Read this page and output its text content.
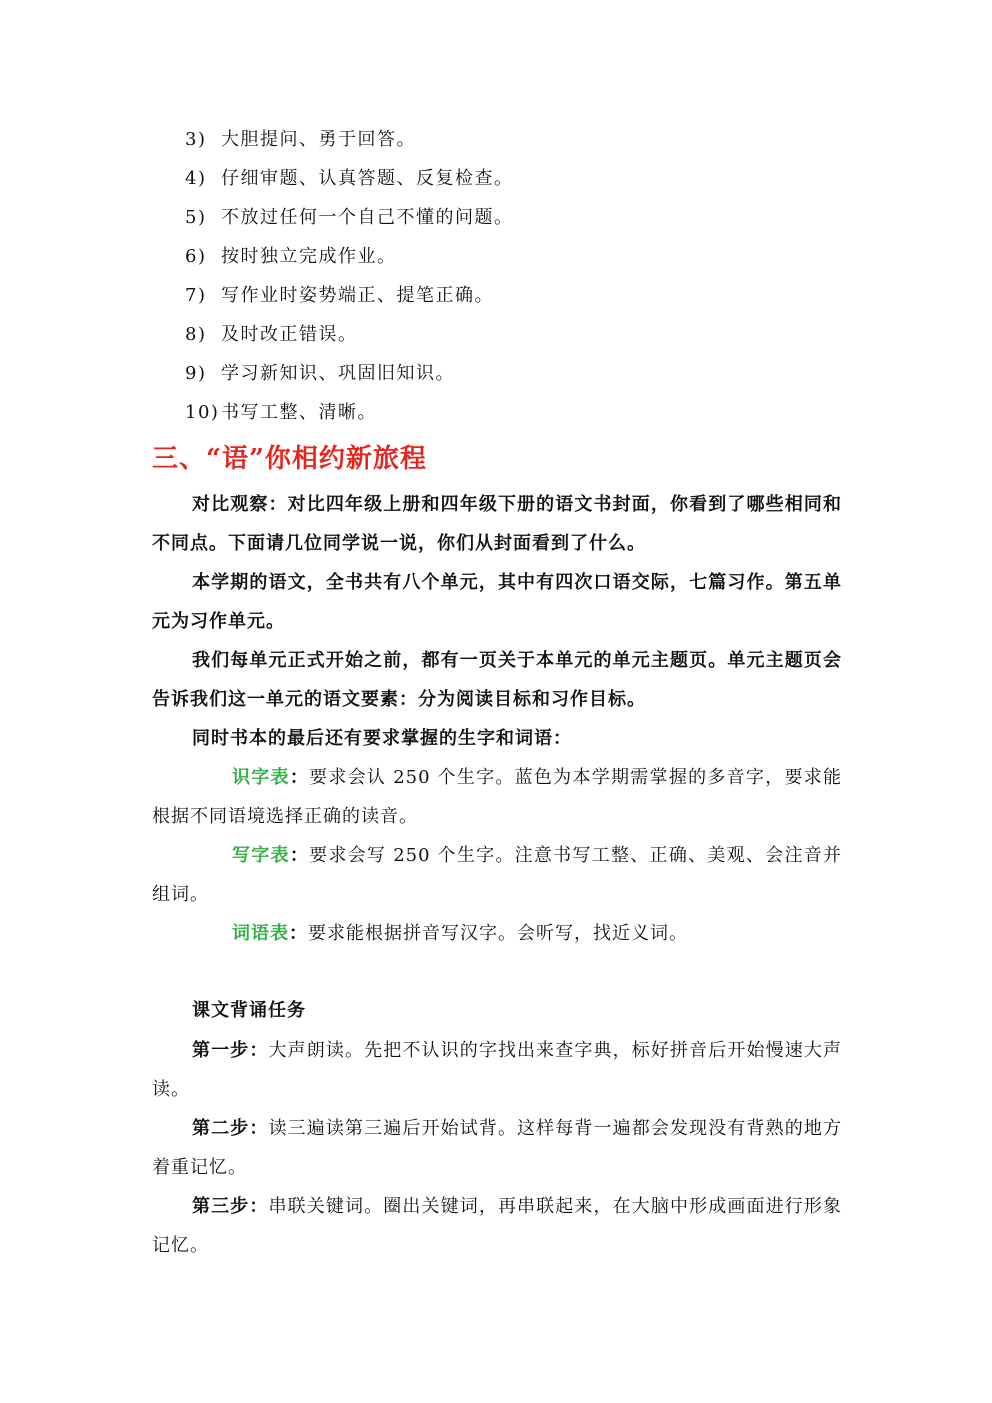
3) 大胆提问、勇于回答。
4) 仔细审题、认真答题、反复检查。
5) 不放过任何一个自己不懂的问题。
6) 按时独立完成作业。
7) 写作业时姿势端正、提笔正确。
8) 及时改正错误。
9) 学习新知识、巩固旧知识。
10)书写工整、清晰。
三、“语”你相约新旅程
对比观察：对比四年级上册和四年级下册的语文书封面，你看到了哪些相同和不同点。下面请几位同学说一说，你们从封面看到了什么。
本学期的语文，全书共有八个单元，其中有四次口语交际，七篇习作。第五单元为习作单元。
我们每单元正式开始之前，都有一页关于本单元的单元主题页。单元主题页会告诉我们这一单元的语文要素：分为阅读目标和习作目标。
同时书本的最后还有要求掌握的生字和词语：
识字表：要求会认 250 个生字。蓝色为本学期需掌握的多音字，要求能根据不同语境选择正确的读音。
写字表：要求会写 250 个生字。注意书写工整、正确、美观、会注音并组词。
词语表：要求能根据拼音写汉字。会听写，找近义词。
课文背诵任务
第一步：大声朗读。先把不认识的字找出来查字典，标好拼音后开始慢速大声读。
第二步：读三遍读第三遍后开始试背。这样每背一遍都会发现没有背熟的地方着重记忆。
第三步：串联关键词。圈出关键词，再串联起来，在大脑中形成画面进行形象记忆。
